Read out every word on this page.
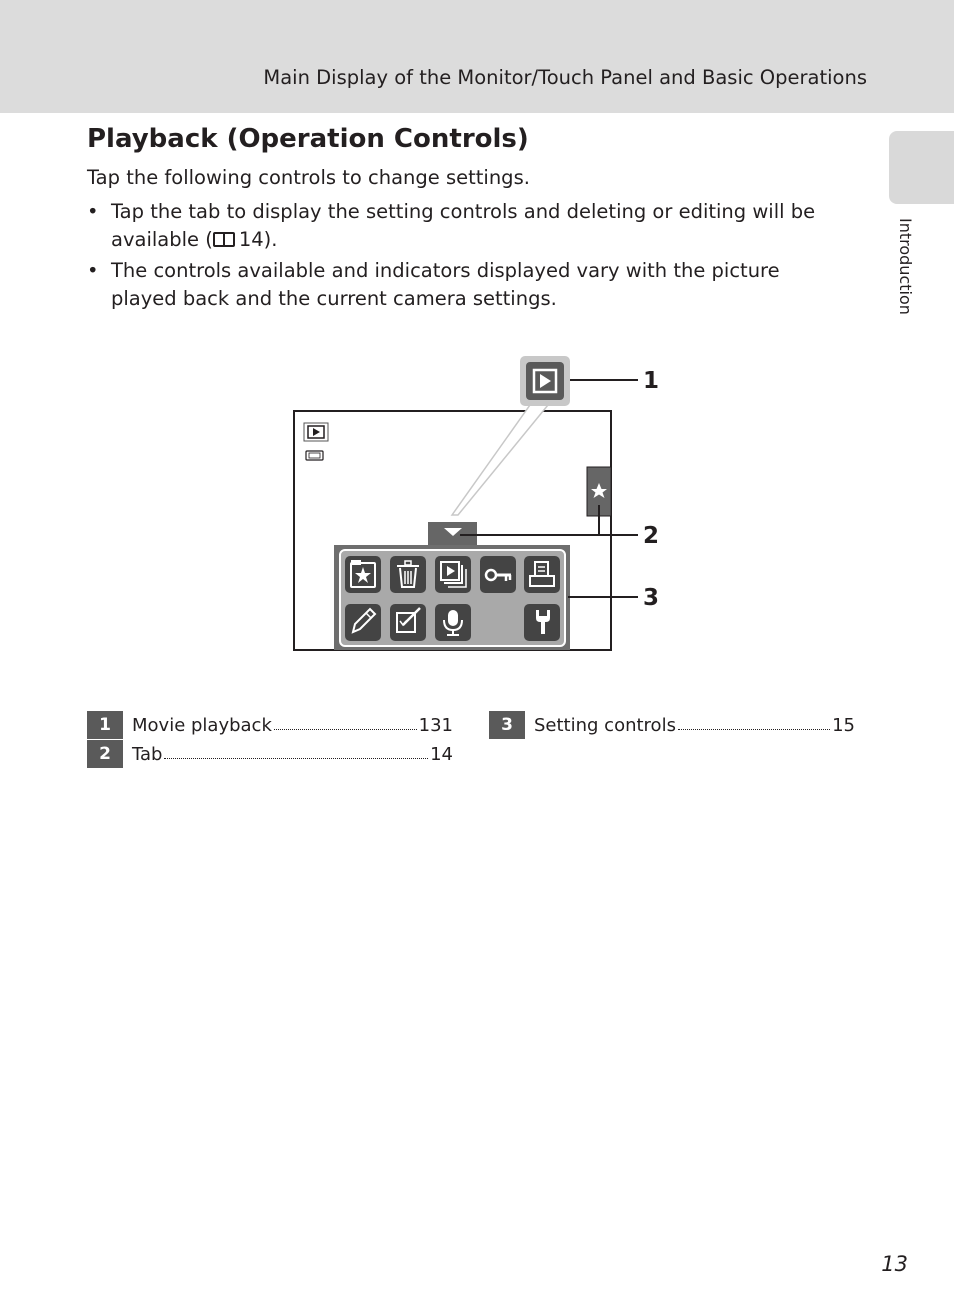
Main Display of the Monitor/Touch Panel and Basic Operations
Introduction
Playback (Operation Controls)
Tap the following controls to change settings.
• Tap the tab to display the setting controls and deleting or editing will be available ( 14).
• The controls available and indicators displayed vary with the picture played back and the current camera settings.
1
2
3
1	Movie playback	131
2	Tab	14
3	Setting controls	15
13
